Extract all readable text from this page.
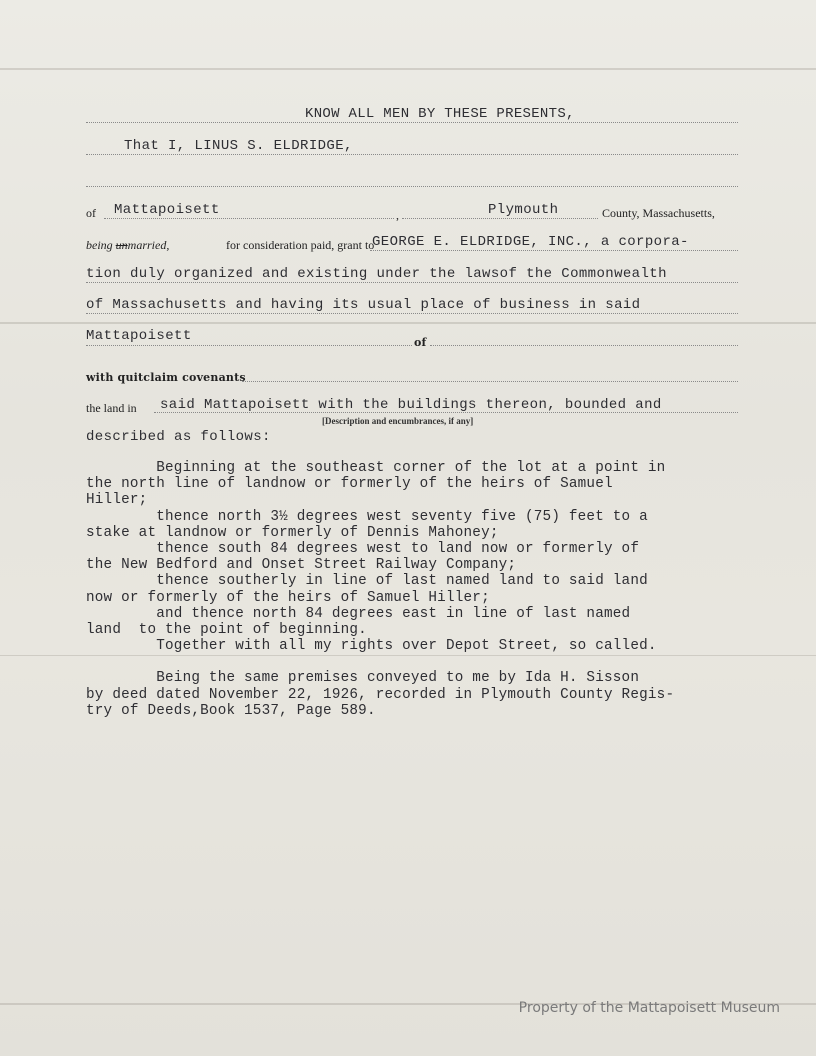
KNOW ALL MEN BY THESE PRESENTS,
That I, LINUS S. ELDRIDGE,
of Mattapoisett	,	Plymouth	County, Massachusetts,
being unmarried,	for consideration paid, grant to
GEORGE E. ELDRIDGE, INC., a corpora-
tion duly organized and existing under the lawsof the Commonwealth
of Massachusetts and having its usual place of business in said
Mattapoisett	of
with quitclaim covenants
the land in said Mattapoisett with the buildings thereon, bounded and
[Description and encumbrances, if any]
described as follows:

Beginning at the southeast corner of the lot at a point in

the north line of landnow or formerly of the heirs of Samuel

Hiller;

thence north 3½ degrees west seventy five (75) feet to a

stake at landnow or formerly of Dennis Mahoney;

thence south 84 degrees west to land now or formerly of

the New Bedford and Onset Street Railway Company;

thence southerly in line of last named land to said land

now or formerly of the heirs of Samuel Hiller;

and thence north 84 degrees east in line of last named

land  to the point of beginning.

Together with all my rights over Depot Street, so called.

Being the same premises conveyed to me by Ida H. Sisson

by deed dated November 22, 1926, recorded in Plymouth County Regis-

try of Deeds,Book 1537, Page 589.

Property of the Mattapoisett Museum
